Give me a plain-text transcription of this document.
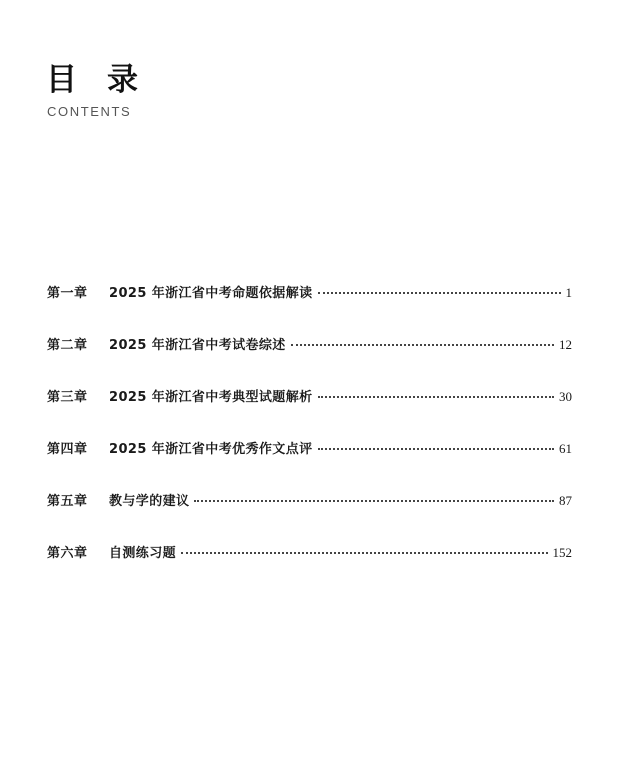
目录
CONTENTS
第一章	2025 年浙江省中考命题依据解读	1
第二章	2025 年浙江省中考试卷综述	12
第三章	2025 年浙江省中考典型试题解析	30
第四章	2025 年浙江省中考优秀作文点评	61
第五章	教与学的建议	87
第六章	自测练习题	152
